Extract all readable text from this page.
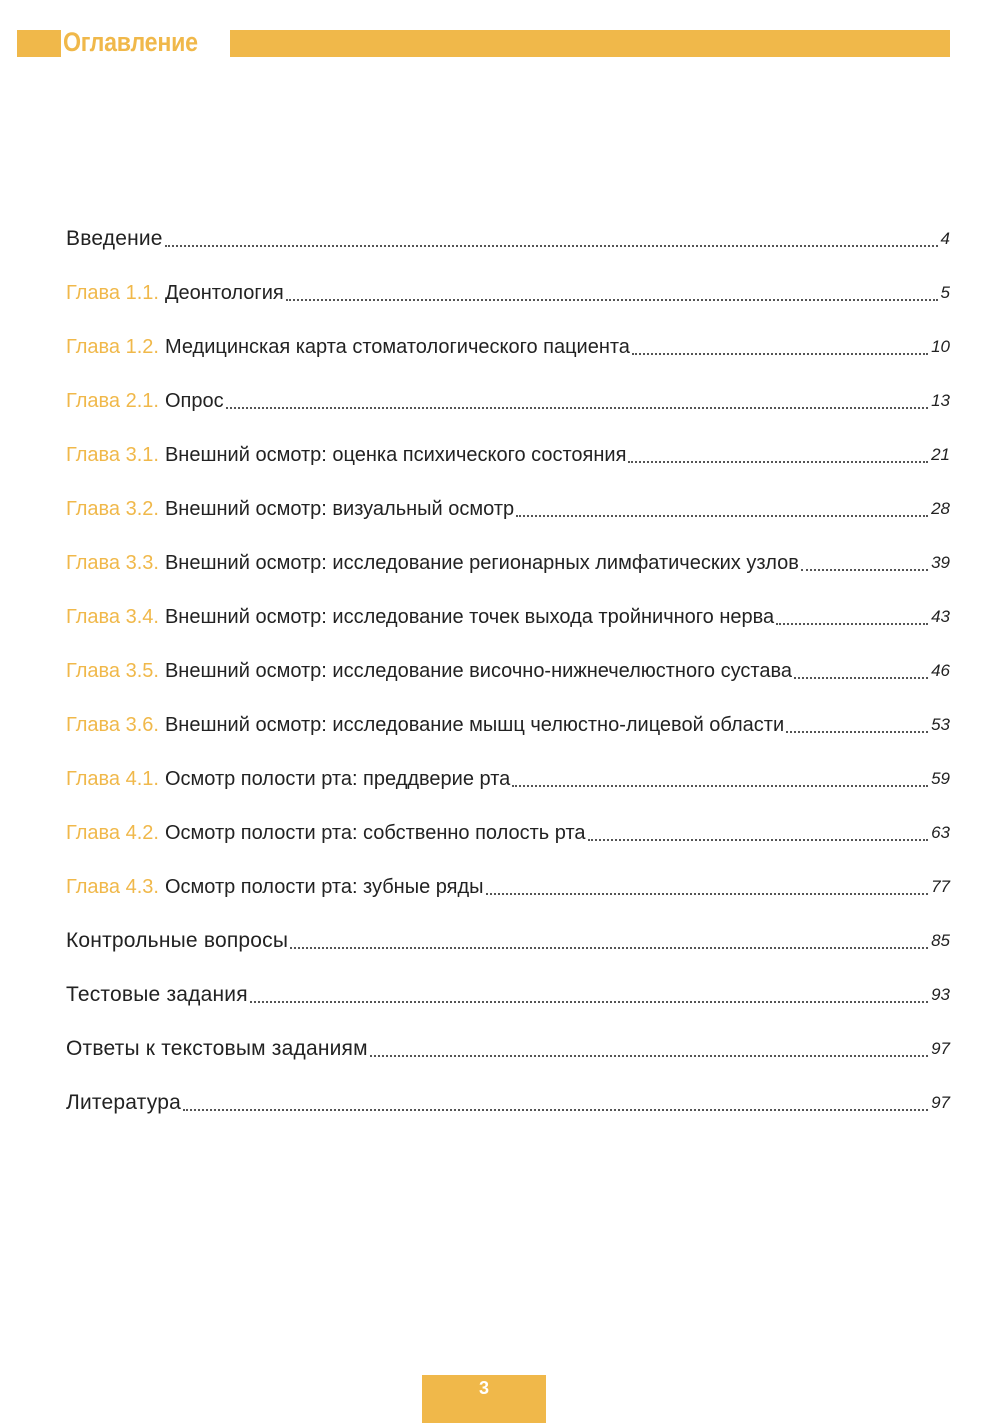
Оглавление
Введение	4
Глава 1.1. Деонтология	5
Глава 1.2. Медицинская карта стоматологического пациента	10
Глава 2.1. Опрос	13
Глава 3.1. Внешний осмотр: оценка психического состояния	21
Глава 3.2. Внешний осмотр: визуальный осмотр	28
Глава 3.3. Внешний осмотр: исследование регионарных лимфатических узлов	39
Глава 3.4. Внешний осмотр: исследование точек выхода тройничного нерва	43
Глава 3.5. Внешний осмотр: исследование височно-нижнечелюстного сустава	46
Глава 3.6. Внешний осмотр: исследование мышц челюстно-лицевой области	53
Глава 4.1. Осмотр полости рта: преддверие рта	59
Глава 4.2. Осмотр полости рта: собственно полость рта	63
Глава 4.3. Осмотр полости рта: зубные ряды	77
Контрольные вопросы	85
Тестовые задания	93
Ответы к текстовым заданиям	97
Литература	97
3
